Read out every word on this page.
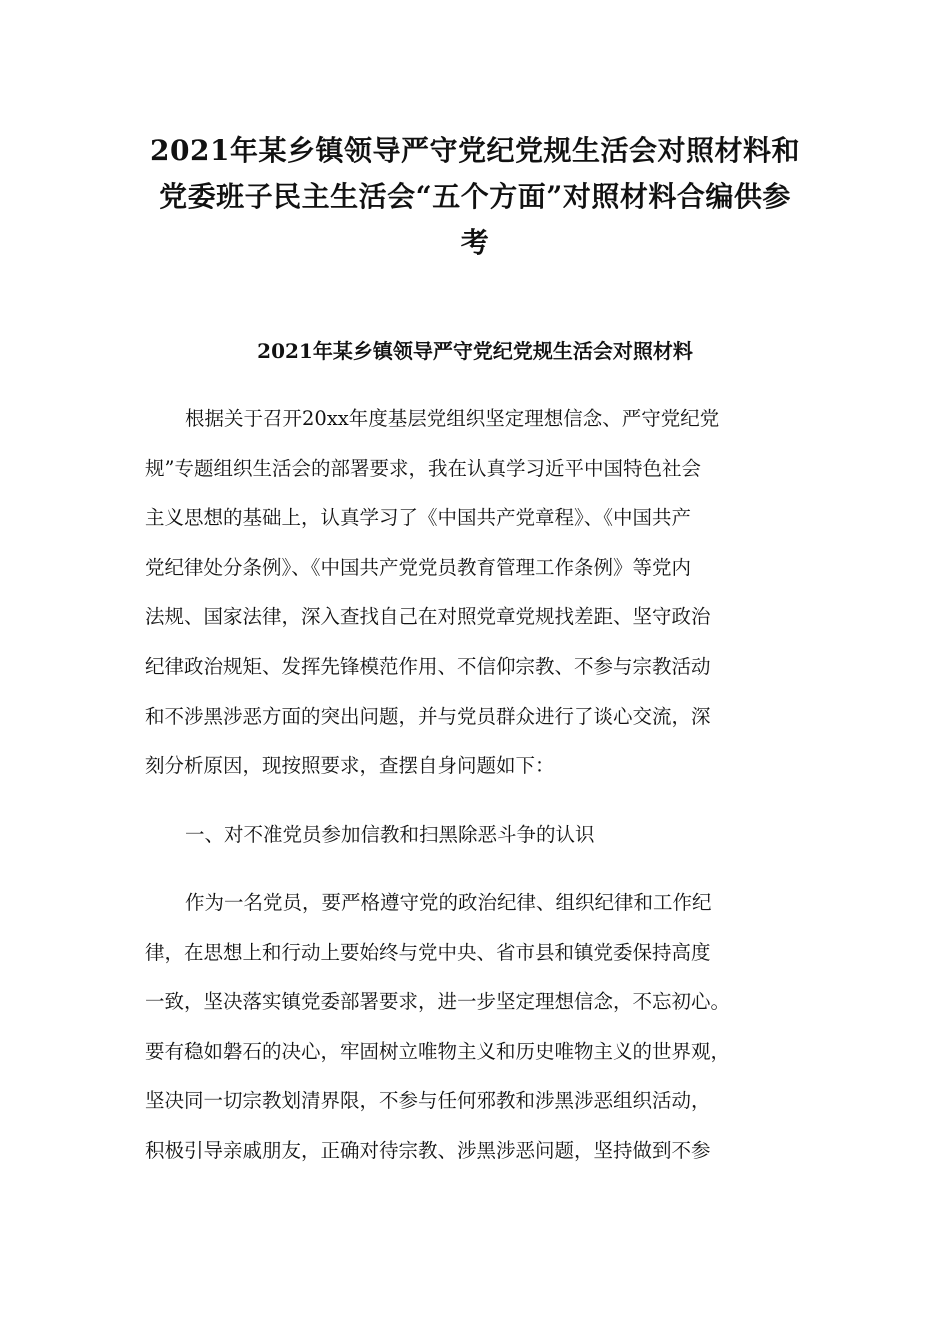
2021年某乡镇领导严守党纪党规生活会对照材料和
党委班子民主生活会“五个方面”对照材料合编供参
考
2021年某乡镇领导严守党纪党规生活会对照材料

根据关于召开20xx年度基层党组织坚定理想信念、严守党纪党
规”专题组织生活会的部署要求，我在认真学习近平中国特色社会
主义思想的基础上，认真学习了《中国共产党章程》、《中国共产
党纪律处分条例》、《中国共产党党员教育管理工作条例》等党内
法规、国家法律，深入查找自己在对照党章党规找差距、坚守政治
纪律政治规矩、发挥先锋模范作用、不信仰宗教、不参与宗教活动
和不涉黑涉恶方面的突出问题，并与党员群众进行了谈心交流，深
刻分析原因，现按照要求，查摆自身问题如下：

一、对不准党员参加信教和扫黑除恶斗争的认识

作为一名党员，要严格遵守党的政治纪律、组织纪律和工作纪
律，在思想上和行动上要始终与党中央、省市县和镇党委保持高度
一致，坚决落实镇党委部署要求，进一步坚定理想信念，不忘初心。
要有稳如磐石的决心，牢固树立唯物主义和历史唯物主义的世界观，
坚决同一切宗教划清界限，不参与任何邪教和涉黑涉恶组织活动，
积极引导亲戚朋友，正确对待宗教、涉黑涉恶问题，坚持做到不参
